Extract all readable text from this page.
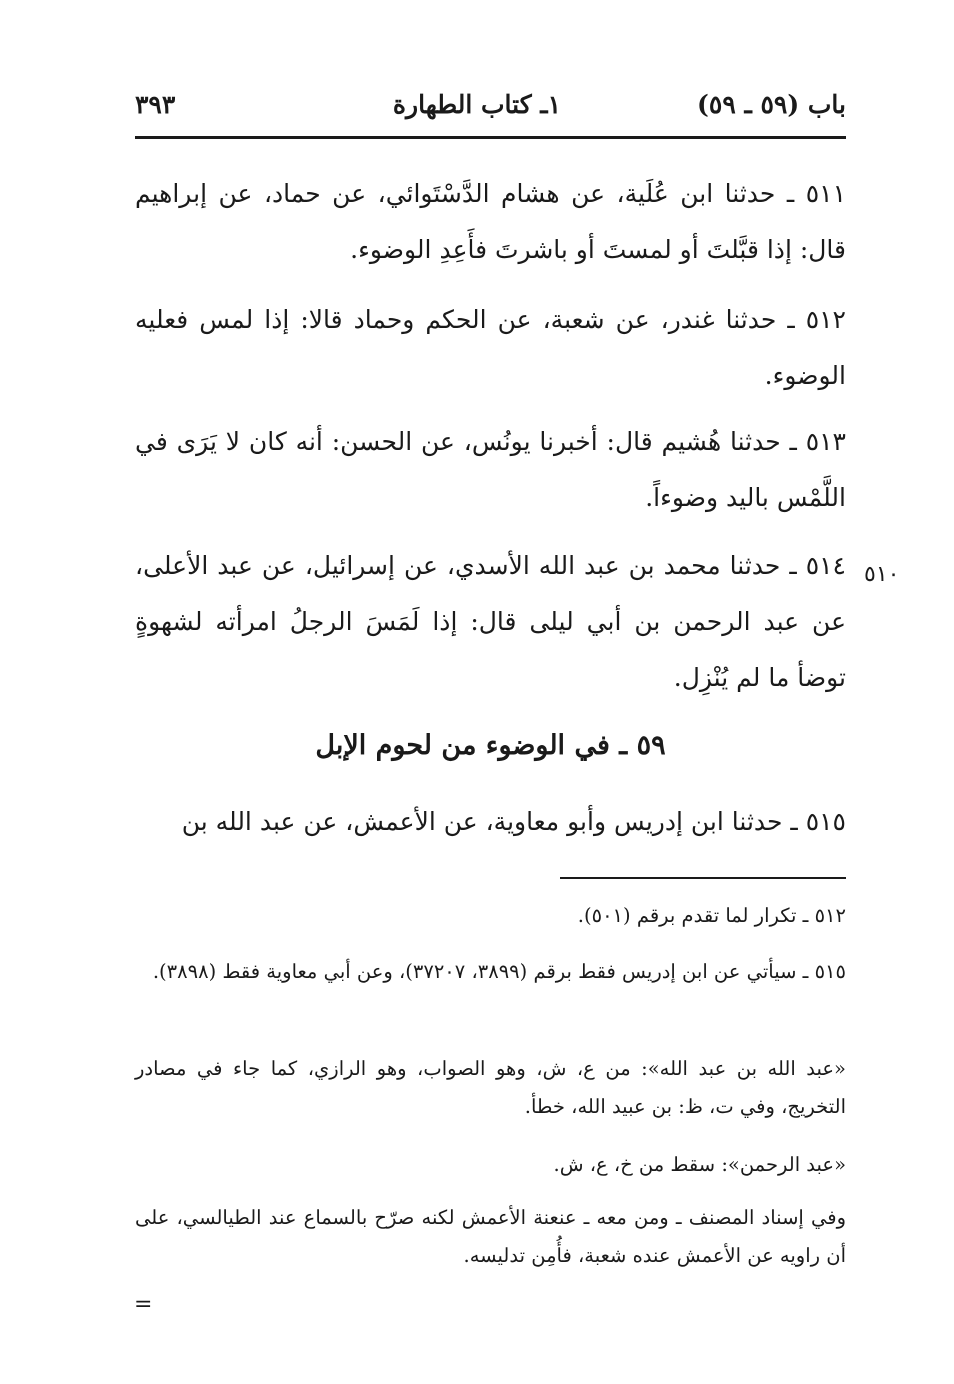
٣٩٣	١ـ كتاب الطهارة	باب (٥٩ ـ ٥٩)
٥١١ ـ حدثنا ابن عُلَية، عن هشام الدَّسْتَوائي، عن حماد، عن إبراهيم قال: إذا قبَّلتَ أو لمستَ أو باشرتَ فأَعِدِ الوضوء.
٥١٢ ـ حدثنا غندر، عن شعبة، عن الحكم وحماد قالا: إذا لمس فعليه الوضوء.
٥١٣ ـ حدثنا هُشيم قال: أخبرنا يونُس، عن الحسن: أنه كان لا يَرَى في اللَّمْس باليد وضوءاً.
٥١٤ ـ حدثنا محمد بن عبد الله الأسدي، عن إسرائيل، عن عبد الأعلى، عن عبد الرحمن بن أبي ليلى قال: إذا لَمَسَ الرجلُ امرأته لشهوةٍ توضأ ما لم يُنْزِل.
٥١٠
٥٩ ـ في الوضوء من لحوم الإبل
٥١٥ ـ حدثنا ابن إدريس وأبو معاوية، عن الأعمش، عن عبد الله بن
٥١٢ ـ تكرار لما تقدم برقم (٥٠١).
٥١٥ ـ سيأتي عن ابن إدريس فقط برقم (٣٨٩٩، ٣٧٢٠٧)، وعن أبي معاوية فقط (٣٨٩٨).
«عبد الله بن عبد الله»: من ع، ش، وهو الصواب، وهو الرازي، كما جاء في مصادر التخريج، وفي ت، ظ: بن عبيد الله، خطأ.
«عبد الرحمن»: سقط من خ، ع، ش.
وفي إسناد المصنف ـ ومن معه ـ عنعنة الأعمش لكنه صرّح بالسماع عند الطيالسي، على أن راويه عن الأعمش عنده شعبة، فأُمِن تدليسه.
=
